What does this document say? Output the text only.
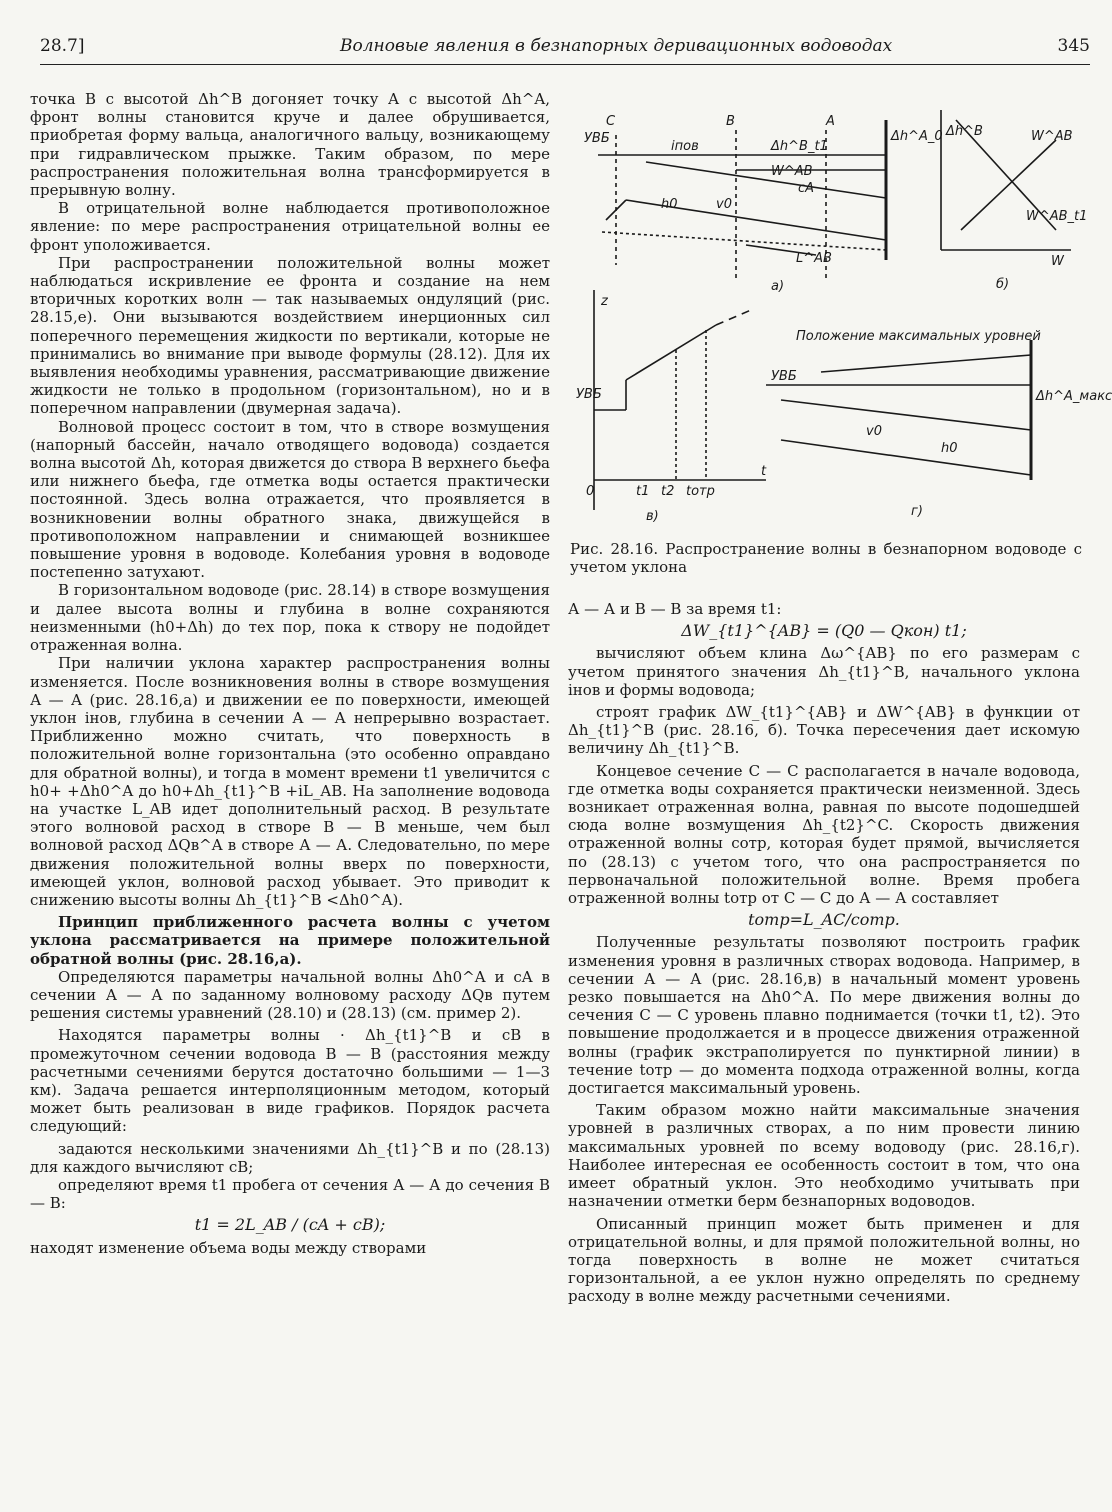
28.7]	Волновые явления в безнапорных деривационных водоводах	345

точка В с высотой Δh^B догоняет точку А с высотой Δh^A, фронт волны становится круче и далее обрушивается, приобретая форму вальца, аналогичного вальцу, возникающему при гидравлическом прыжке. Таким образом, по мере распространения положительная волна трансформируется в прерывную волну.

В отрицательной волне наблюдается противоположное явление: по мере распространения отрицательной волны ее фронт уположивается.

При распространении положительной волны может наблюдаться искривление ее фронта и создание на нем вторичных коротких волн — так называемых ондуляций (рис. 28.15,е). Они вызываются воздействием инерционных сил поперечного перемещения жидкости по вертикали, которые не принимались во внимание при выводе формулы (28.12). Для их выявления необходимы уравнения, рассматривающие движение жидкости не только в продольном (горизонтальном), но и в поперечном направлении (двумерная задача).

Волновой процесс состоит в том, что в створе возмущения (напорный бассейн, начало отводящего водовода) создается волна высотой Δh, которая движется до створа В верхнего бьефа или нижнего бьефа, где отметка воды остается практически постоянной. Здесь волна отражается, что проявляется в возникновении волны обратного знака, движущейся в противоположном направлении и снимающей возникшее повышение уровня в водоводе. Колебания уровня в водоводе постепенно затухают.

В горизонтальном водоводе (рис. 28.14) в створе возмущения и далее высота волны и глубина в волне сохраняются неизменными (h0+Δh) до тех пор, пока к створу не подойдет отраженная волна.

При наличии уклона характер распространения волны изменяется. После возникновения волны в створе возмущения А — А (рис. 28.16,а) и движении ее по поверхности, имеющей уклон iнов, глубина в сечении А — А непрерывно возрастает. Приближенно можно считать, что поверхность в положительной волне горизонтальна (это особенно оправдано для обратной волны), и тогда в момент времени t1 увеличится с h0+ +Δh0^A до h0+Δh_{t1}^B +iL_AB. На заполнение водовода на участке L_AB идет дополнительный расход. В результате этого волновой расход в створе В — В меньше, чем был волновой расход ΔQв^A в створе А — А. Следовательно, по мере движения положительной волны вверх по поверхности, имеющей уклон, волновой расход убывает. Это приводит к снижению высоты волны Δh_{t1}^B <Δh0^A).

Принцип приближенного расчета волны с учетом уклона рассматривается на примере положительной обратной волны (рис. 28.16,а).

Определяются параметры начальной волны Δh0^A и cA в сечении А — А по заданному волновому расходу ΔQв путем решения системы уравнений (28.10) и (28.13) (см. пример 2).

Находятся параметры волны · Δh_{t1}^B и cB в промежуточном сечении водовода В — В (расстояния между расчетными сечениями берутся достаточно большими — 1—3 км). Задача решается интерполяционным методом, который может быть реализован в виде графиков. Порядок расчета следующий:

задаются несколькими значениями Δh_{t1}^B и по (28.13) для каждого вычисляют cB;

определяют время t1 пробега от сечения А — А до сечения В — В:

t1 = 2L_AB / (cA + cB);

находят изменение объема воды между створами

УВБ
iпов
v0
h0
cA
W^AB
L^AB
Δh^B_t1
Δh^A_0
а)
A
B
C
Δh^B	W^AB
W^AB_t1
W
б)
z
t
0	t1 t2 tотр
УВБ
в)
Положение максимальных уровней
УВБ
v0
h0
Δh^A_макс
г)
Рис. 28.16. Распространение волны в безнапорном водоводе с учетом уклона

А — А и В — В за время t1:

ΔW_{t1}^{AB} = (Q0 — Qкон) t1;

вычисляют объем клина Δω^{AB} по его размерам с учетом принятого значения Δh_{t1}^B, начального уклона iнов и формы водовода;

строят график ΔW_{t1}^{AB} и ΔW^{AB} в функции от Δh_{t1}^B (рис. 28.16, б). Точка пересечения дает искомую величину Δh_{t1}^B.

Концевое сечение С — С располагается в начале водовода, где отметка воды сохраняется практически неизменной. Здесь возникает отраженная волна, равная по высоте подошедшей сюда волне возмущения Δh_{t2}^C. Скорость движения отраженной волны cотр, которая будет прямой, вычисляется по (28.13) с учетом того, что она распространяется по первоначальной положительной волне. Время пробега отраженной волны tотр от С — С до А — А составляет

tотр=L_AC/cотр.

Полученные результаты позволяют построить график изменения уровня в различных створах водовода. Например, в сечении А — А (рис. 28.16,в) в начальный момент уровень резко повышается на Δh0^A. По мере движения волны до сечения С — С уровень плавно поднимается (точки t1, t2). Это повышение продолжается и в процессе движения отраженной волны (график экстраполируется по пунктирной линии) в течение tотр — до момента подхода отраженной волны, когда достигается максимальный уровень.

Таким образом можно найти максимальные значения уровней в различных створах, а по ним провести линию максимальных уровней по всему водоводу (рис. 28.16,г). Наиболее интересная ее особенность состоит в том, что она имеет обратный уклон. Это необходимо учитывать при назначении отметки берм безнапорных водоводов.

Описанный принцип может быть применен и для отрицательной волны, и для прямой положительной волны, но тогда поверхность в волне не может считаться горизонтальной, а ее уклон нужно определять по среднему расходу в волне между расчетными сечениями.
